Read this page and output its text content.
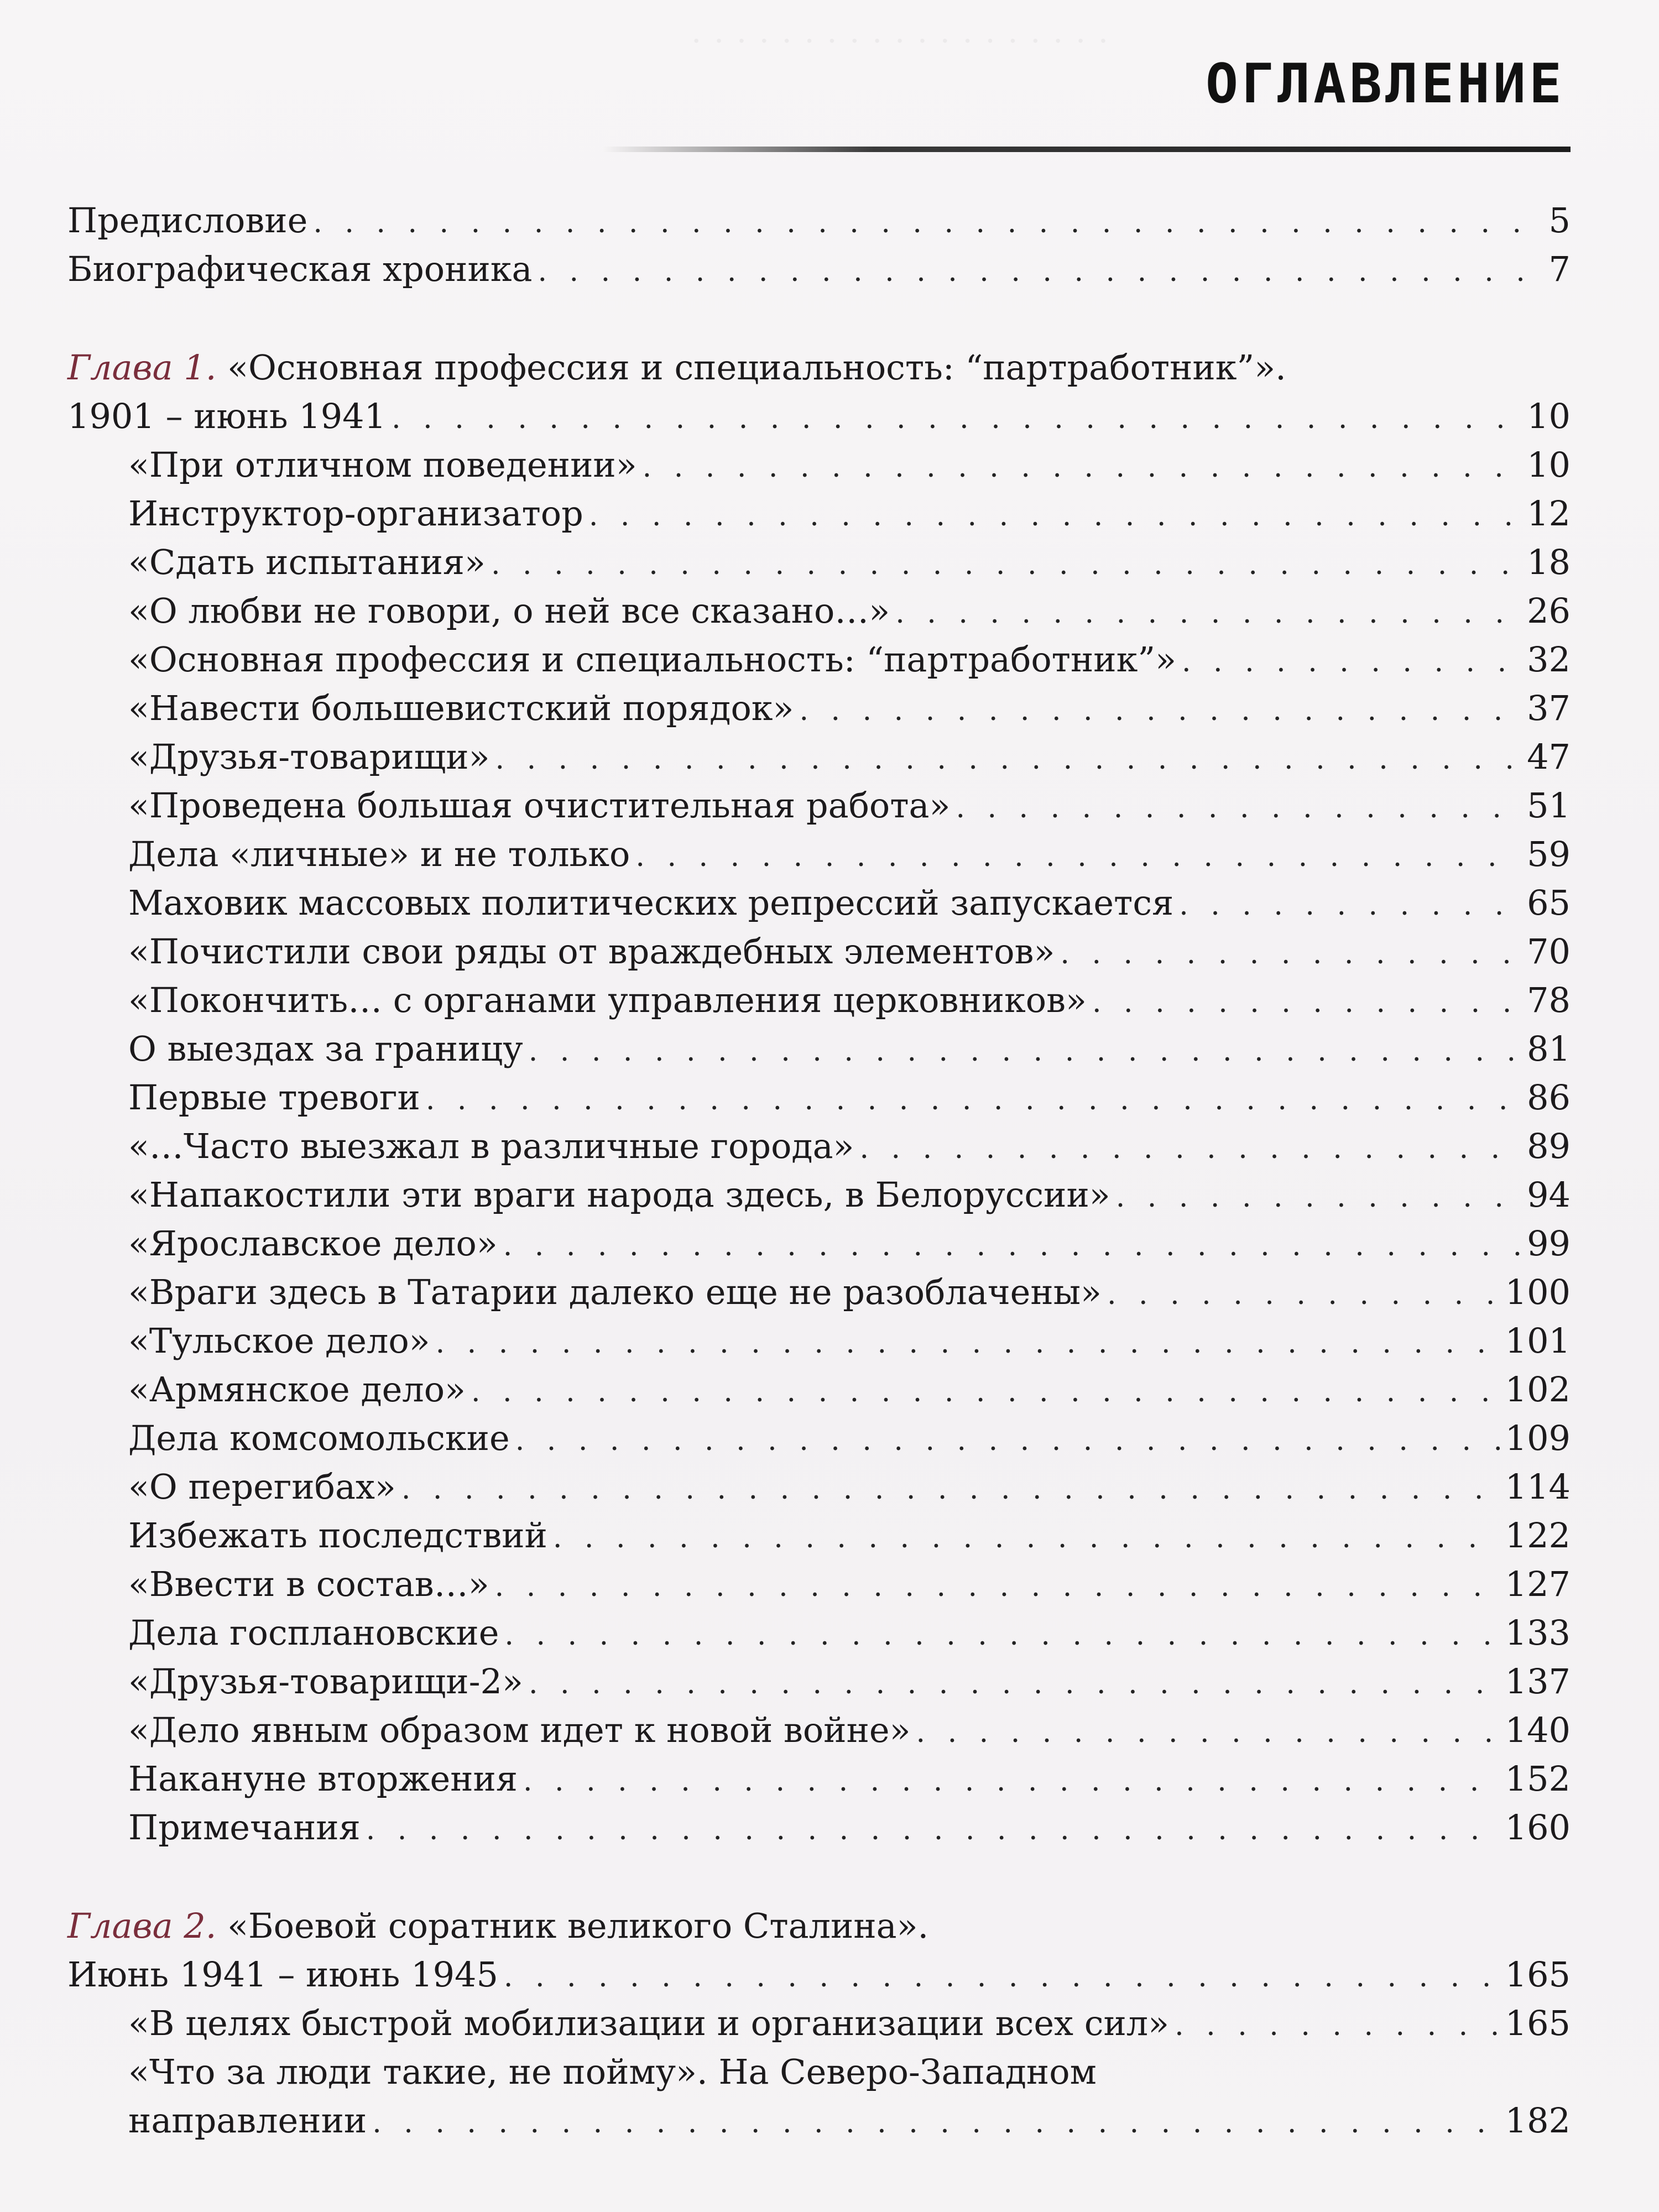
· · · · · · · · · · · · · · · · · · ·
ОГЛАВЛЕНИЕ
Предисловие . . .	5
Биографическая хроника . . .	7
Глава 1. «Основная профессия и специальность: “партработник”».
1901 – июнь 1941 . . .	10
«При отличном поведении» . . .	10
Инструктор-организатор . . .	12
«Сдать испытания» . . .	18
«О любви не говори, о ней все сказано…» . . .	26
«Основная профессия и специальность: “партработник”» . . .	32
«Навести большевистский порядок» . . .	37
«Друзья-товарищи» . . .	47
«Проведена большая очистительная работа» . . .	51
Дела «личные» и не только . . .	59
Маховик массовых политических репрессий запускается . . .	65
«Почистили свои ряды от враждебных элементов» . . .	70
«Покончить… с органами управления церковников» . . .	78
О выездах за границу . . .	81
Первые тревоги . . .	86
«…Часто выезжал в различные города» . . .	89
«Напакостили эти враги народа здесь, в Белоруссии» . . .	94
«Ярославское дело» . . .	99
«Враги здесь в Татарии далеко еще не разоблачены» . . .	100
«Тульское дело» . . .	101
«Армянское дело» . . .	102
Дела комсомольские . . .	109
«О перегибах» . . .	114
Избежать последствий . . .	122
«Ввести в состав…» . . .	127
Дела госплановские . . .	133
«Друзья-товарищи-2» . . .	137
«Дело явным образом идет к новой войне» . . .	140
Накануне вторжения . . .	152
Примечания . . .	160
Глава 2. «Боевой соратник великого Сталина».
Июнь 1941 – июнь 1945 . . .	165
«В целях быстрой мобилизации и организации всех сил» . . .	165
«Что за люди такие, не пойму». На Северо-Западном
направлении . . .	182
